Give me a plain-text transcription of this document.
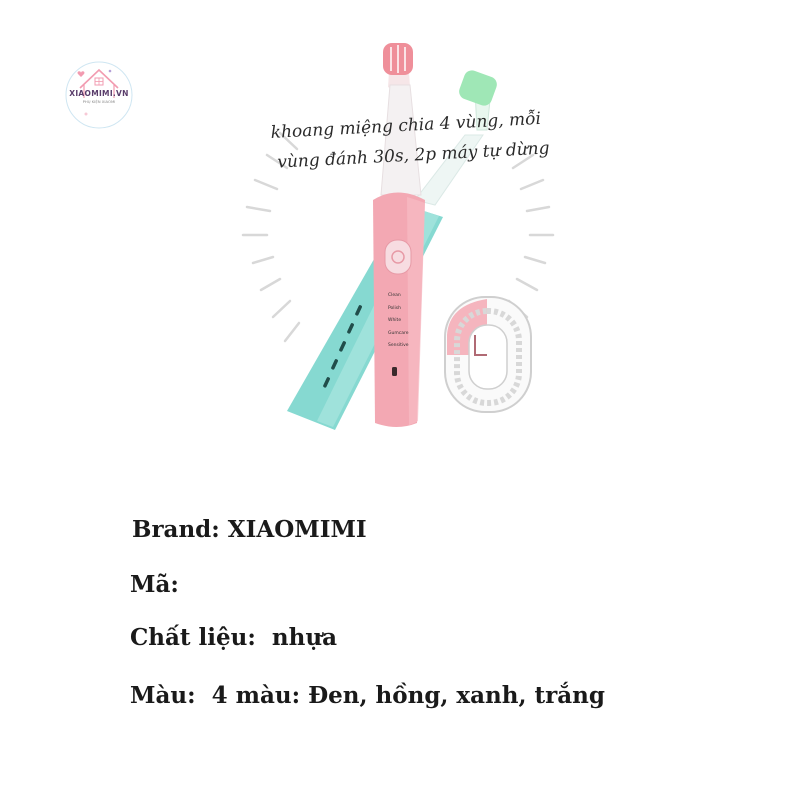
XIAOMIMI.VN
PHỤ KIỆN XIAOMI
Clean
Polish
White
Gumcare
Sensitive
khoang miệng chia 4 vùng, mỗi
vùng đánh 30s, 2p máy tự dừng
Brand: XIAOMIMI
Mã:
Chất liệu: nhựa
Màu: 4 màu: Đen, hồng, xanh, trắng
